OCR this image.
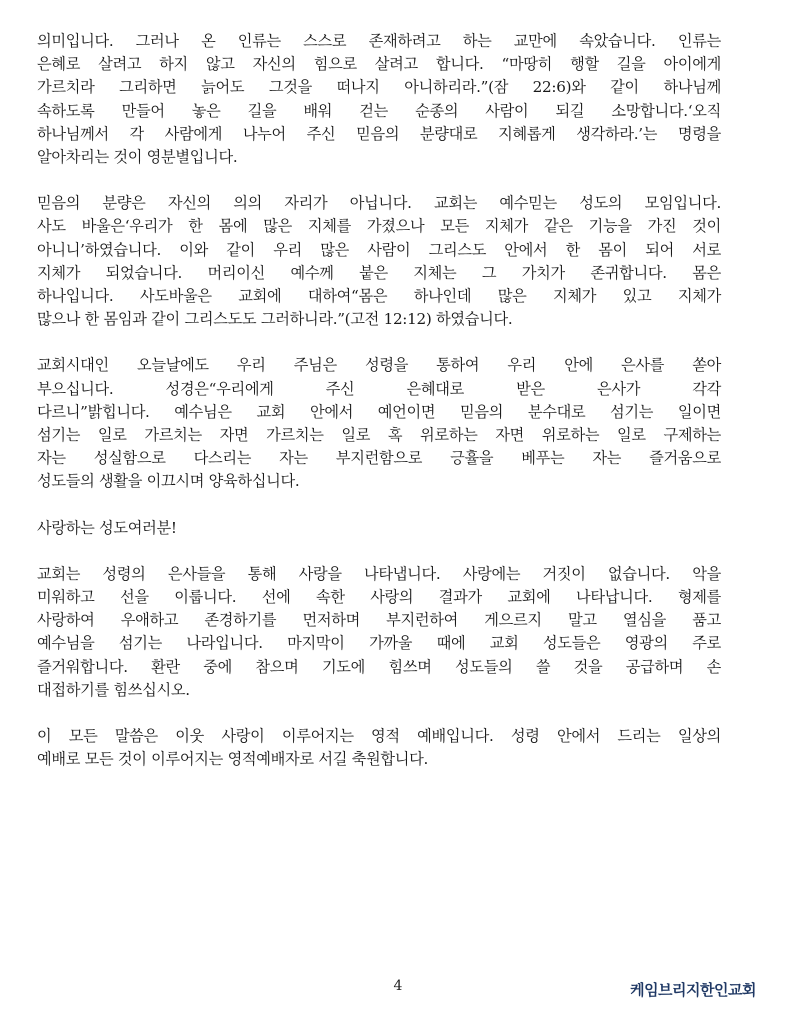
의미입니다. 그러나 온 인류는 스스로 존재하려고 하는 교만에 속았습니다. 인류는
은혜로 살려고 하지 않고 자신의 힘으로 살려고 합니다. “마땅히 행할 길을 아이에게
가르치라 그리하면 늙어도 그것을 떠나지 아니하리라.”(잠 22:6)와 같이 하나님께
속하도록 만들어 놓은 길을 배워 걷는 순종의 사람이 되길 소망합니다.‘오직
하나님께서 각 사람에게 나누어 주신 믿음의 분량대로 지혜롭게 생각하라.’는 명령을
알아차리는 것이 영분별입니다.

믿음의 분량은 자신의 의의 자리가 아닙니다. 교회는 예수믿는 성도의 모임입니다.
사도 바울은‘우리가 한 몸에 많은 지체를 가졌으나 모든 지체가 같은 기능을 가진 것이
아니니’하였습니다. 이와 같이 우리 많은 사람이 그리스도 안에서 한 몸이 되어 서로
지체가 되었습니다. 머리이신 예수께 붙은 지체는 그 가치가 존귀합니다. 몸은
하나입니다. 사도바울은 교회에 대하여“몸은 하나인데 많은 지체가 있고 지체가
많으나 한 몸임과 같이 그리스도도 그러하니라.”(고전 12:12) 하였습니다.

교회시대인 오늘날에도 우리 주님은 성령을 통하여 우리 안에 은사를 쏟아
부으십니다. 성경은“우리에게 주신 은혜대로 받은 은사가 각각
다르니”밝힙니다. 예수님은 교회 안에서 예언이면 믿음의 분수대로 섬기는 일이면
섬기는 일로 가르치는 자면 가르치는 일로 혹 위로하는 자면 위로하는 일로 구제하는
자는 성실함으로 다스리는 자는 부지런함으로 긍휼을 베푸는 자는 즐거움으로
성도들의 생활을 이끄시며 양육하십니다.

사랑하는 성도여러분!

교회는 성령의 은사들을 통해 사랑을 나타냅니다. 사랑에는 거짓이 없습니다. 악을
미워하고 선을 이룹니다. 선에 속한 사랑의 결과가 교회에 나타납니다. 형제를
사랑하여 우애하고 존경하기를 먼저하며 부지런하여 게으르지 말고 열심을 품고
예수님을 섬기는 나라입니다. 마지막이 가까울 때에 교회 성도들은 영광의 주로
즐거워합니다. 환란 중에 참으며 기도에 힘쓰며 성도들의 쓸 것을 공급하며 손
대접하기를 힘쓰십시오.

이 모든 말씀은 이웃 사랑이 이루어지는 영적 예배입니다. 성령 안에서 드리는 일상의
예배로 모든 것이 이루어지는 영적예배자로 서길 축원합니다.

4	케임브리지한인교회
